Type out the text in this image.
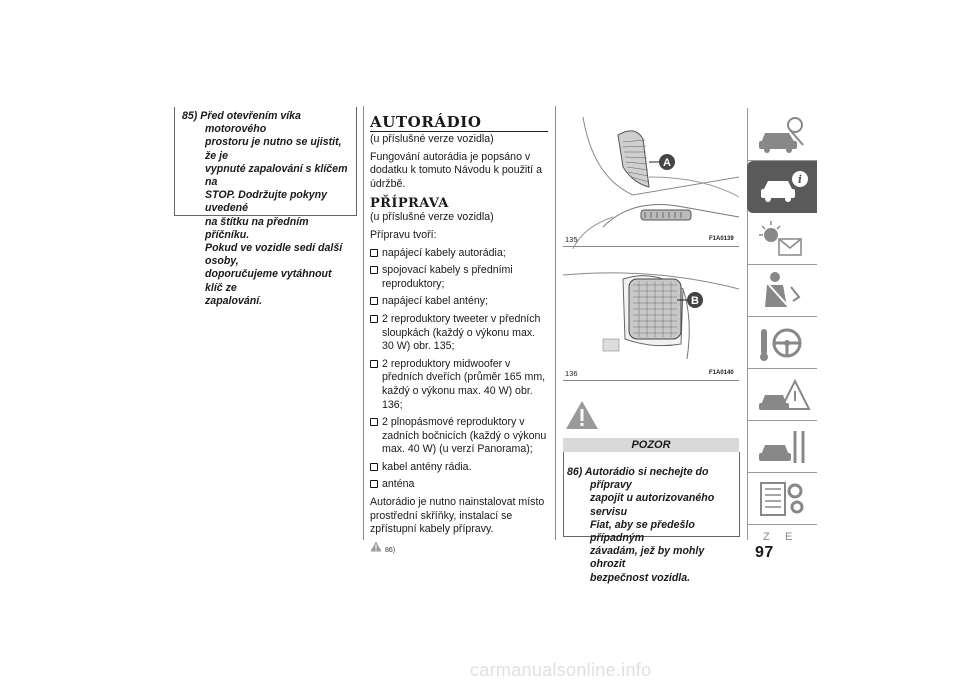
85) Před otevřením víka motorového
prostoru je nutno se ujistit, že je
vypnuté zapalování s klíčem na
STOP. Dodržujte pokyny uvedené
na štítku na předním příčníku.
Pokud ve vozidle sedí další osoby,
doporučujeme vytáhnout klíč ze
zapalování.
AUTORÁDIO
(u příslušné verze vozidla)
Fungování autorádia je popsáno v dodatku k tomuto Návodu k použití a údržbě.
PŘÍPRAVA
(u příslušné verze vozidla)
Přípravu tvoří:
napájecí kabely autorádia;
spojovací kabely s předními reproduktory;
napájecí kabel antény;
2 reproduktory tweeter v předních sloupkách (každý o výkonu max. 30 W) obr. 135;
2 reproduktory midwoofer v předních dveřích (průměr 165 mm, každý o výkonu max. 40 W) obr. 136;
2 plnopásmové reproduktory v zadních bočnicích (každý o výkonu max. 40 W) (u verzí Panorama);
kabel antény rádia.
anténa
Autorádio je nutno nainstalovat místo prostřední skříňky, instalací se zpřístupní kabely přípravy.
86)
A
135	F1A0139
B
136	F1A0140
POZOR
86) Autorádio si nechejte do přípravy
zapojit u autorizovaného servisu
Fiat, aby se předešlo případným
závadám, jež by mohly ohrozit
bezpečnost vozidla.
i
Z E
97
carmanualsonline.info
